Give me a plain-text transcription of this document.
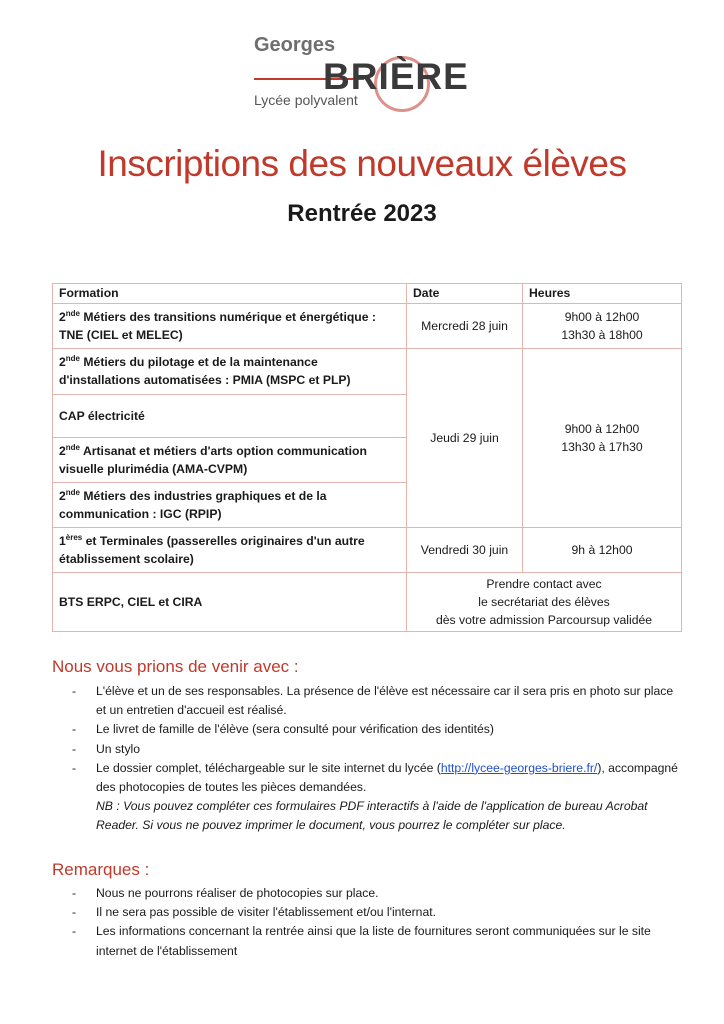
Georges
BRIÈRE
Lycée polyvalent
Inscriptions des nouveaux élèves
Rentrée 2023
Formation	Date	Heures
2nde Métiers des transitions numérique et énergétique : TNE (CIEL et MELEC)	Mercredi 28 juin	9h00 à 12h00
13h30 à 18h00
2nde Métiers du pilotage et de la maintenance d'installations automatisées : PMIA (MSPC et PLP)	Jeudi 29 juin	9h00 à 12h00
13h30 à 17h30
CAP électricité		
2nde Artisanat et métiers d'arts option communication visuelle plurimédia (AMA-CVPM)		
2nde Métiers des industries graphiques et de la communication : IGC (RPIP)		
1ères et Terminales (passerelles originaires d'un autre établissement scolaire)	Vendredi 30 juin	9h à 12h00
BTS ERPC, CIEL et CIRA	Prendre contact avec
le secrétariat des élèves
dès votre admission Parcoursup validée	
Nous vous prions de venir avec :
- L'élève et un de ses responsables. La présence de l'élève est nécessaire car il sera pris en photo sur place et un entretien d'accueil est réalisé.
- Le livret de famille de l'élève (sera consulté pour vérification des identités)
- Un stylo
- Le dossier complet, téléchargeable sur le site internet du lycée (http://lycee-georges-briere.fr/), accompagné des photocopies de toutes les pièces demandées.
NB : Vous pouvez compléter ces formulaires PDF interactifs à l'aide de l'application de bureau Acrobat Reader. Si vous ne pouvez imprimer le document, vous pourrez le compléter sur place.
Remarques :
- Nous ne pourrons réaliser de photocopies sur place.
- Il ne sera pas possible de visiter l'établissement et/ou l'internat.
- Les informations concernant la rentrée ainsi que la liste de fournitures seront communiquées sur le site internet de l'établissement
